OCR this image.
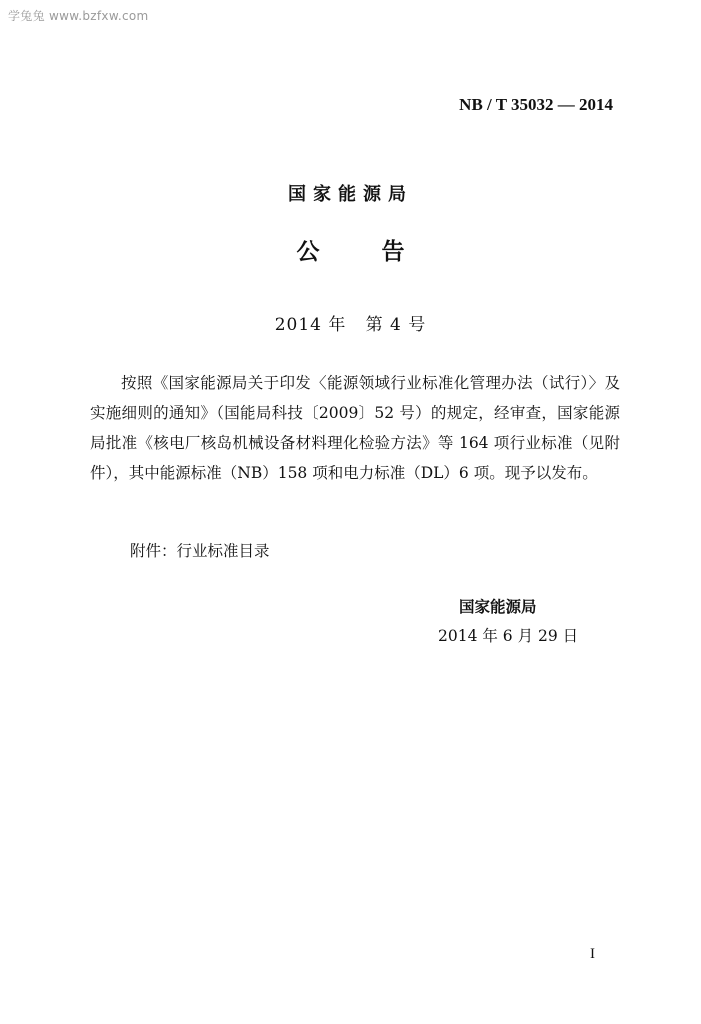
学兔兔 www.bzfxw.com
NB / T 35032 — 2014
国家能源局
公告
2014 年   第 4 号

按照《国家能源局关于印发〈能源领域行业标准化管理办法（试行）〉及实施细则的通知》（国能局科技〔2009〕52 号）的规定，经审查，国家能源局批准《核电厂核岛机械设备材料理化检验方法》等 164 项行业标准（见附件），其中能源标准（NB）158 项和电力标准（DL）6 项。现予以发布。

附件：行业标准目录
国家能源局
2014 年 6 月 29 日
I
